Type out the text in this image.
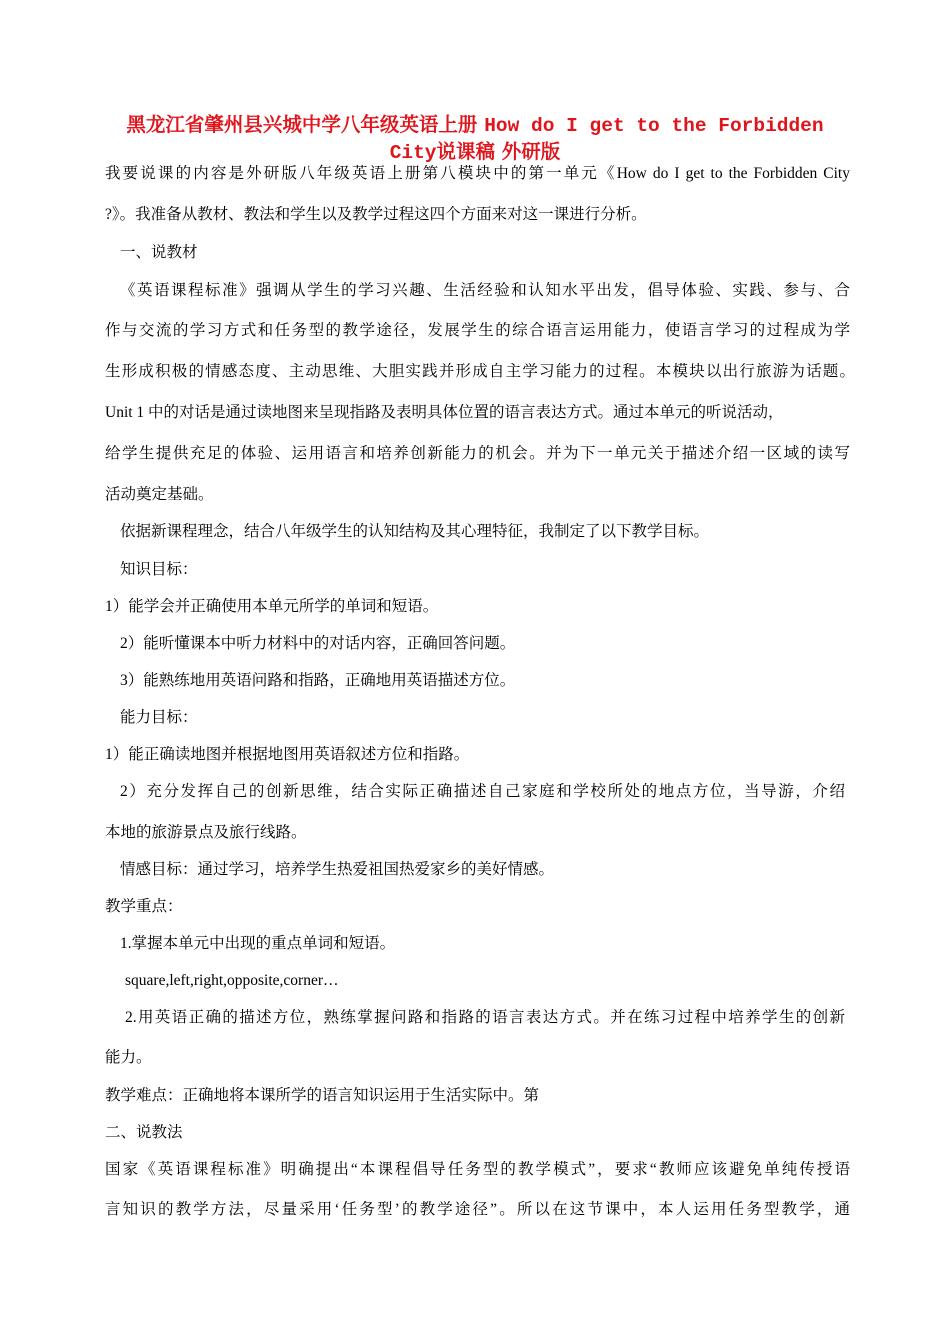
黑龙江省肇州县兴城中学八年级英语上册 How do I get to the Forbidden
City说课稿 外研版
我要说课的内容是外研版八年级英语上册第八模块中的第一单元《How do I get to the Forbidden City
?》。我准备从教材、教法和学生以及教学过程这四个方面来对这一课进行分析。
一、说教材
《英语课程标准》强调从学生的学习兴趣、生活经验和认知水平出发，倡导体验、实践、参与、合
作与交流的学习方式和任务型的教学途径，发展学生的综合语言运用能力，使语言学习的过程成为学
生形成积极的情感态度、主动思维、大胆实践并形成自主学习能力的过程。本模块以出行旅游为话题。
Unit 1 中的对话是通过读地图来呈现指路及表明具体位置的语言表达方式。通过本单元的听说活动，
给学生提供充足的体验、运用语言和培养创新能力的机会。并为下一单元关于描述介绍一区域的读写
活动奠定基础。
依据新课程理念，结合八年级学生的认知结构及其心理特征，我制定了以下教学目标。
知识目标：
1）能学会并正确使用本单元所学的单词和短语。
2）能听懂课本中听力材料中的对话内容，正确回答问题。
3）能熟练地用英语问路和指路，正确地用英语描述方位。
能力目标：
1）能正确读地图并根据地图用英语叙述方位和指路。
2）充分发挥自己的创新思维，结合实际正确描述自己家庭和学校所处的地点方位，当导游，介绍
本地的旅游景点及旅行线路。
情感目标：通过学习，培养学生热爱祖国热爱家乡的美好情感。
教学重点：
1.掌握本单元中出现的重点单词和短语。
square,left,right,opposite,corner…
2.用英语正确的描述方位，熟练掌握问路和指路的语言表达方式。并在练习过程中培养学生的创新
能力。
教学难点：正确地将本课所学的语言知识运用于生活实际中。第
二、说教法
国家《英语课程标准》明确提出“本课程倡导任务型的教学模式”，要求“教师应该避免单纯传授语
言知识的教学方法，尽量采用‘任务型’的教学途径”。所以在这节课中，本人运用任务型教学，通
